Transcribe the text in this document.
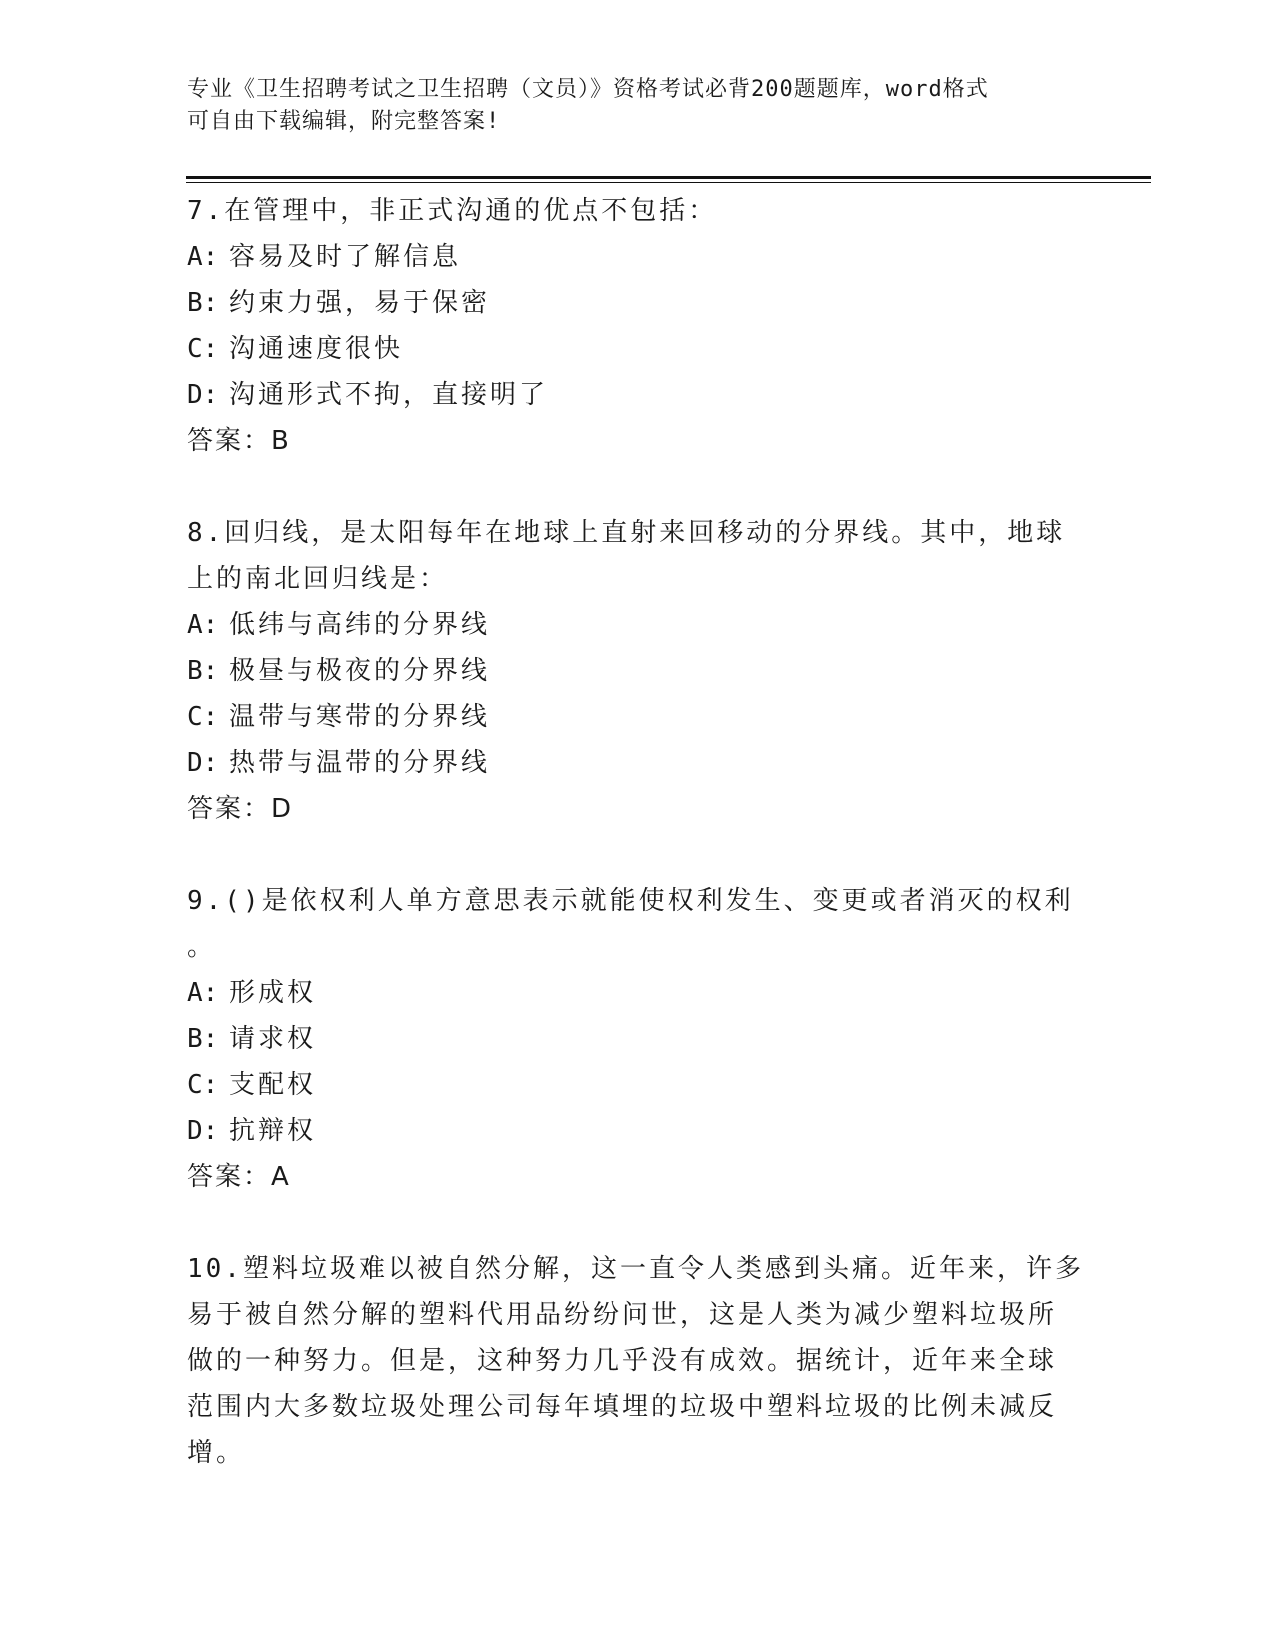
专业《卫生招聘考试之卫生招聘（文员）》资格考试必背200题题库，word格式
可自由下载编辑，附完整答案!
7.在管理中，非正式沟通的优点不包括：
A: 容易及时了解信息
B: 约束力强，易于保密
C: 沟通速度很快
D: 沟通形式不拘，直接明了
答案：B
8.回归线，是太阳每年在地球上直射来回移动的分界线。其中，地球
上的南北回归线是：
A: 低纬与高纬的分界线
B: 极昼与极夜的分界线
C: 温带与寒带的分界线
D: 热带与温带的分界线
答案：D
9.()是依权利人单方意思表示就能使权利发生、变更或者消灭的权利
。
A: 形成权
B: 请求权
C: 支配权
D: 抗辩权
答案：A
10.塑料垃圾难以被自然分解，这一直令人类感到头痛。近年来，许多
易于被自然分解的塑料代用品纷纷问世，这是人类为减少塑料垃圾所
做的一种努力。但是，这种努力几乎没有成效。据统计，近年来全球
范围内大多数垃圾处理公司每年填埋的垃圾中塑料垃圾的比例未减反
增。
